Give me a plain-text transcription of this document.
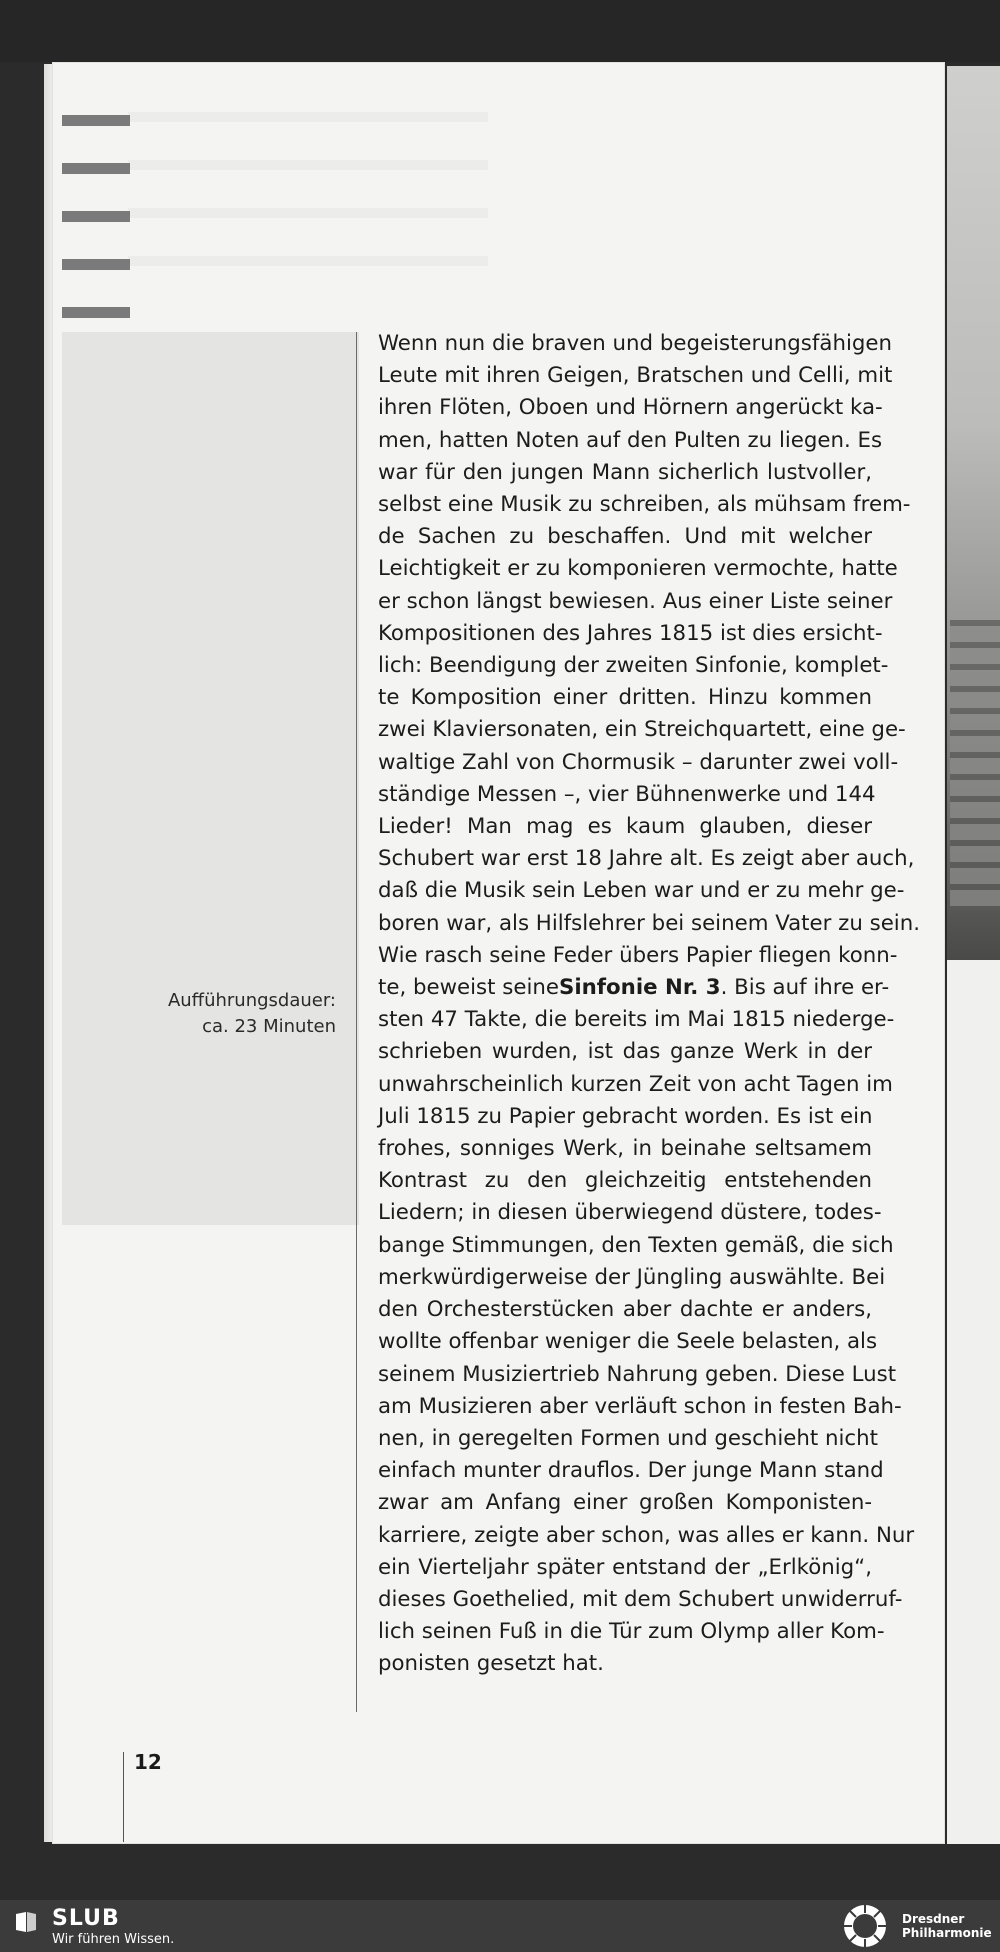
Aufführungsdauer:
ca. 23 Minuten
Wenn nun die braven und begeisterungsfähigen
Leute mit ihren Geigen, Bratschen und Celli, mit
ihren Flöten, Oboen und Hörnern angerückt ka-
men, hatten Noten auf den Pulten zu liegen. Es
war für den jungen Mann sicherlich lustvoller,
selbst eine Musik zu schreiben, als mühsam frem-
de Sachen zu beschaffen. Und mit welcher
Leichtigkeit er zu komponieren vermochte, hatte
er schon längst bewiesen. Aus einer Liste seiner
Kompositionen des Jahres 1815 ist dies ersicht-
lich: Beendigung der zweiten Sinfonie, komplet-
te Komposition einer dritten. Hinzu kommen
zwei Klaviersonaten, ein Streichquartett, eine ge-
waltige Zahl von Chormusik – darunter zwei voll-
ständige Messen –, vier Bühnenwerke und 144
Lieder! Man mag es kaum glauben, dieser
Schubert war erst 18 Jahre alt. Es zeigt aber auch,
daß die Musik sein Leben war und er zu mehr ge-
boren war, als Hilfslehrer bei seinem Vater zu sein.
Wie rasch seine Feder übers Papier fliegen konn-
te, beweist seine Sinfonie Nr. 3 . Bis auf ihre er-
sten 47 Takte, die bereits im Mai 1815 niederge-
schrieben wurden, ist das ganze Werk in der
unwahrscheinlich kurzen Zeit von acht Tagen im
Juli 1815 zu Papier gebracht worden. Es ist ein
frohes, sonniges Werk, in beinahe seltsamem
Kontrast zu den gleichzeitig entstehenden
Liedern; in diesen überwiegend düstere, todes-
bange Stimmungen, den Texten gemäß, die sich
merkwürdigerweise der Jüngling auswählte. Bei
den Orchesterstücken aber dachte er anders,
wollte offenbar weniger die Seele belasten, als
seinem Musiziertrieb Nahrung geben. Diese Lust
am Musizieren aber verläuft schon in festen Bah-
nen, in geregelten Formen und geschieht nicht
einfach munter drauflos. Der junge Mann stand
zwar am Anfang einer großen Komponisten-
karriere, zeigte aber schon, was alles er kann. Nur
ein Vierteljahr später entstand der „Erlkönig“,
dieses Goethelied, mit dem Schubert unwiderruf-
lich seinen Fuß in die Tür zum Olymp aller Kom-
ponisten gesetzt hat.
12
SLUB
Wir führen Wissen.
Dresdner
Philharmonie
